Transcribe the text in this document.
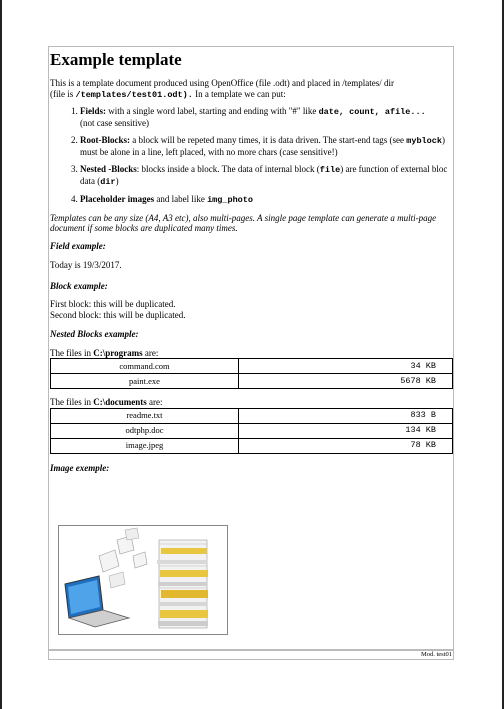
Example template

This is a template document produced using OpenOffice (file .odt) and placed in /templates/ dir
(file is /templates/test01.odt). In a template we can put:

1. Fields: with a single word label, starting and ending with "#" like date, count, afile...
(not case sensitive)
2. Root-Blocks: a block will be repeted many times, it is data driven. The start-end tags (see myblock) must be alone in a line, left placed, with no more chars (case sensitive!)
3. Nested -Blocks: blocks inside a block. The data of internal block (file) are function of external bloc data (dir)
4. Placeholder images and label like img_photo

Templates can be any size (A4, A3 etc), also multi-pages. A single page template can generate a multi-page document if some blocks are duplicated many times.

Field example:

Today is 19/3/2017.

Block example:

First block: this will be duplicated.

Second block: this will be duplicated.

Nested Blocks example:

The files in C:\programs are:

command.com	34 KB
paint.exe	5678 KB

The files in C:\documents are:

readme.txt	833 B
odtphp.doc	134 KB
image.jpeg	78 KB

Image exemple:

Mod. test01
